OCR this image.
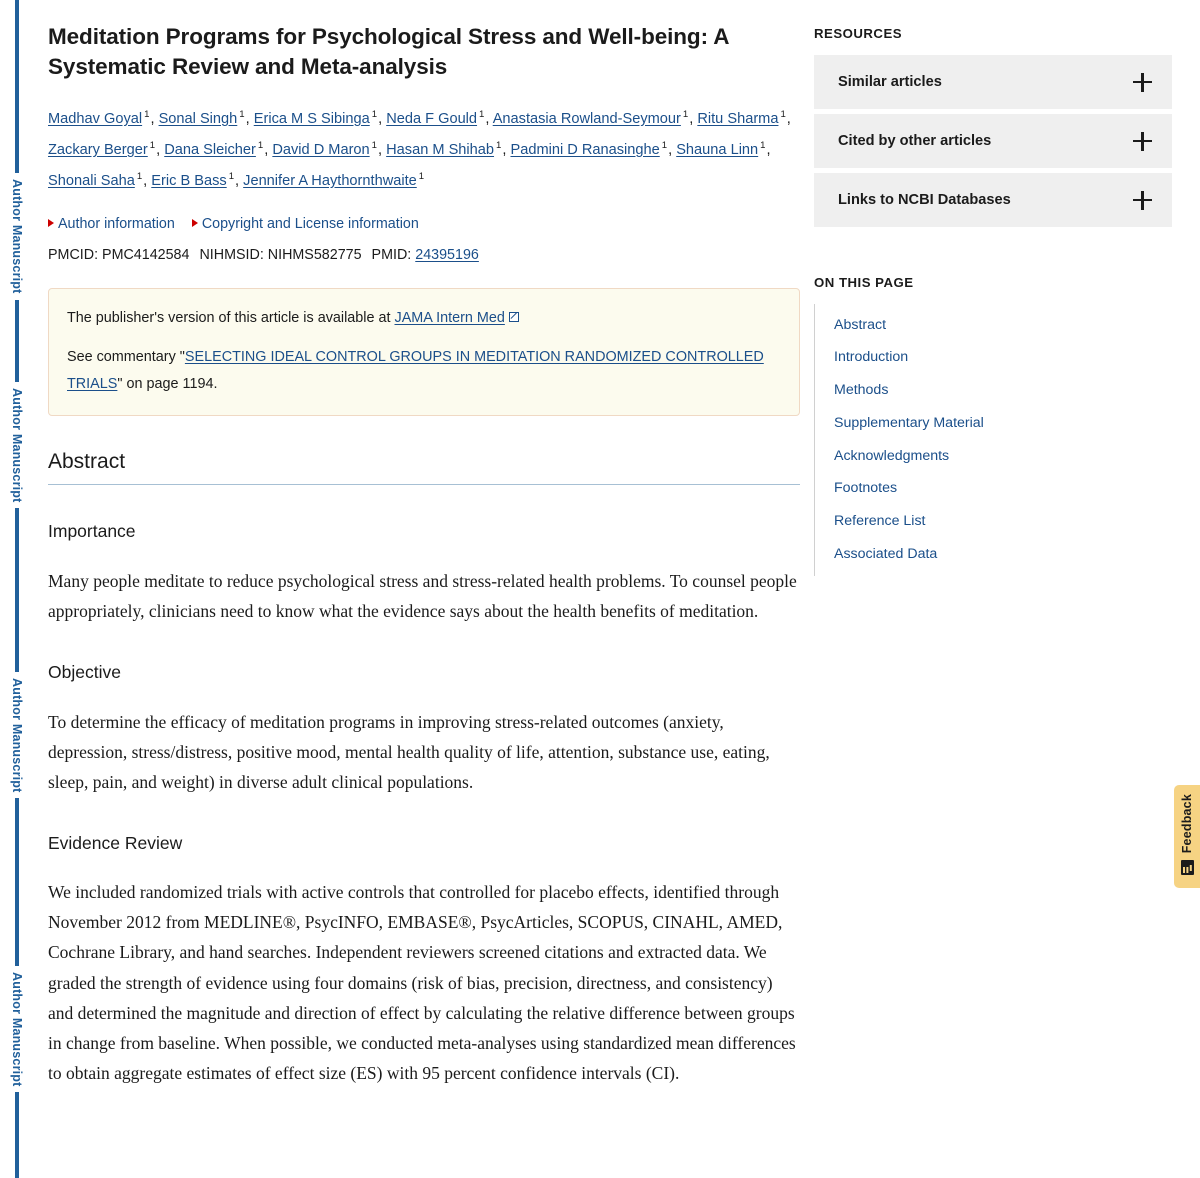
Author Manuscript
Author Manuscript
Author Manuscript
Author Manuscript
Meditation Programs for Psychological Stress and Well-being: A Systematic Review and Meta-analysis
Madhav Goyal $^1$, Sonal Singh $^1$, Erica M S Sibinga $^1$, Neda F Gould $^1$, Anastasia Rowland-Seymour $^1$, Ritu Sharma $^1$, Zackary Berger $^1$, Dana Sleicher $^1$, David D Maron $^1$, Hasan M Shihab $^1$, Padmini D Ranasinghe $^1$, Shauna Linn $^1$, Shonali Saha $^1$, Eric B Bass $^1$, Jennifer A Haythornthwaite $^1$
Author information Copyright and License information
PMCID: PMC4142584 NIHMSID: NIHMS582775 PMID: 24395196

The publisher's version of this article is available at JAMA Intern Med

See commentary "SELECTING IDEAL CONTROL GROUPS IN MEDITATION RANDOMIZED CONTROLLED TRIALS" on page 1194.

Abstract
Importance

Many people meditate to reduce psychological stress and stress-related health problems. To counsel people appropriately, clinicians need to know what the evidence says about the health benefits of meditation.

Objective

To determine the efficacy of meditation programs in improving stress-related outcomes (anxiety, depression, stress/distress, positive mood, mental health quality of life, attention, substance use, eating, sleep, pain, and weight) in diverse adult clinical populations.

Evidence Review

We included randomized trials with active controls that controlled for placebo effects, identified through November 2012 from MEDLINE®, PsycINFO, EMBASE®, PsycArticles, SCOPUS, CINAHL, AMED, Cochrane Library, and hand searches. Independent reviewers screened citations and extracted data. We graded the strength of evidence using four domains (risk of bias, precision, directness, and consistency) and determined the magnitude and direction of effect by calculating the relative difference between groups in change from baseline. When possible, we conducted meta-analyses using standardized mean differences to obtain aggregate estimates of effect size (ES) with 95 percent confidence intervals (CI).

RESOURCES
Similar articles
Cited by other articles
Links to NCBI Databases
ON THIS PAGE
Abstract
Introduction
Methods
Supplementary Material
Acknowledgments
Footnotes
Reference List
Associated Data
Feedback
